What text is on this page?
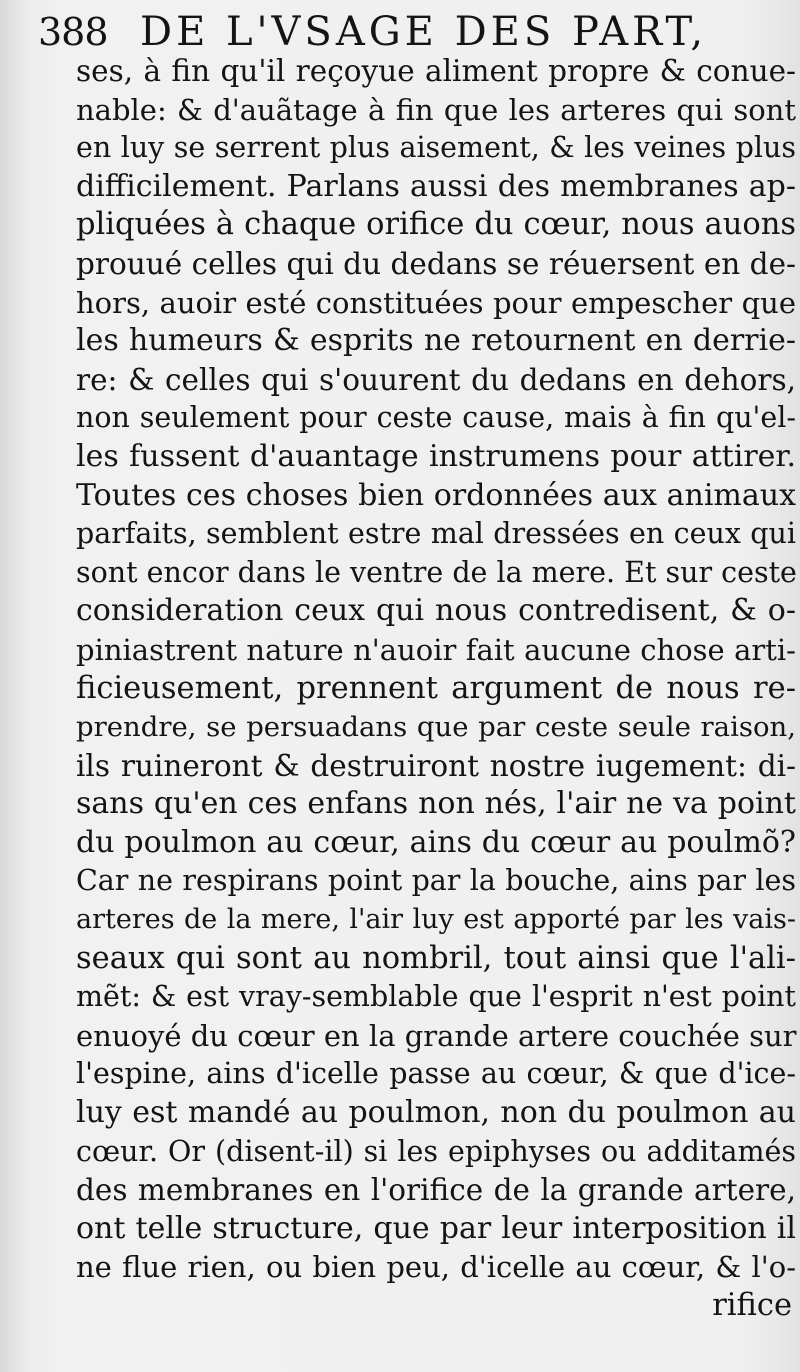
388 DE L'VSAGE DES PART,
ses, à fin qu'il reçoyue aliment propre & conue-
nable: & d'auãtage à fin que les arteres qui sont
en luy se serrent plus aisement, & les veines plus
difficilement. Parlans aussi des membranes ap-
pliquées à chaque orifice du cœur, nous auons
prouué celles qui du dedans se réuersent en de-
hors, auoir esté constituées pour empescher que
les humeurs & esprits ne retournent en derrie-
re: & celles qui s'ouurent du dedans en dehors,
non seulement pour ceste cause, mais à fin qu'el-
les fussent d'auantage instrumens pour attirer.
Toutes ces choses bien ordonnées aux animaux
parfaits, semblent estre mal dressées en ceux qui
sont encor dans le ventre de la mere. Et sur ceste
consideration ceux qui nous contredisent, & o-
piniastrent nature n'auoir fait aucune chose arti-
ficieusement, prennent argument de nous re-
prendre, se persuadans que par ceste seule raison,
ils ruineront & destruiront nostre iugement: di-
sans qu'en ces enfans non nés, l'air ne va point
du poulmon au cœur, ains du cœur au poulmõ?
Car ne respirans point par la bouche, ains par les
arteres de la mere, l'air luy est apporté par les vais-
seaux qui sont au nombril, tout ainsi que l'ali-
mẽt: & est vray-semblable que l'esprit n'est point
enuoyé du cœur en la grande artere couchée sur
l'espine, ains d'icelle passe au cœur, & que d'ice-
luy est mandé au poulmon, non du poulmon au
cœur. Or (disent-il) si les epiphyses ou additamés
des membranes en l'orifice de la grande artere,
ont telle structure, que par leur interposition il
ne flue rien, ou bien peu, d'icelle au cœur, & l'o-
rifice
